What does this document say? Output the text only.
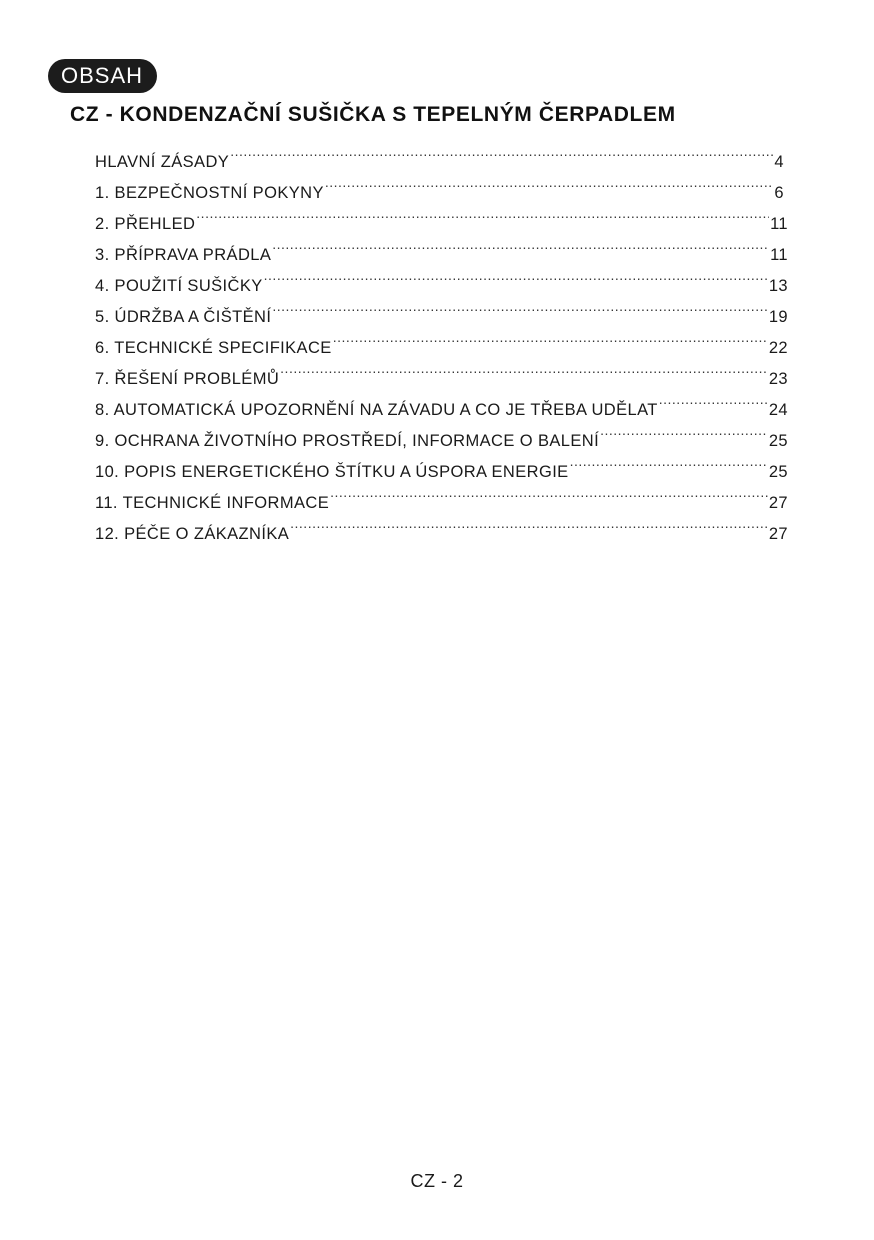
OBSAH
CZ - KONDENZAČNÍ SUŠIČKA S TEPELNÝM ČERPADLEM
HLAVNÍ ZÁSADY .....	4
1. BEZPEČNOSTNÍ POKYNY .....	6
2. PŘEHLED .....	11
3. PŘÍPRAVA PRÁDLA .....	11
4. POUŽITÍ SUŠIČKY .....	13
5. ÚDRŽBA A ČIŠTĚNÍ .....	19
6. TECHNICKÉ SPECIFIKACE .....	22
7. ŘEŠENÍ PROBLÉMŮ .....	23
8. AUTOMATICKÁ UPOZORNĚNÍ NA ZÁVADU A CO JE TŘEBA UDĚLAT .....	24
9. OCHRANA ŽIVOTNÍHO PROSTŘEDÍ, INFORMACE O BALENÍ .....	25
10. POPIS ENERGETICKÉHO ŠTÍTKU A ÚSPORA ENERGIE .....	25
11. TECHNICKÉ INFORMACE .....	27
12. PÉČE O ZÁKAZNÍKA .....	27
CZ - 2
